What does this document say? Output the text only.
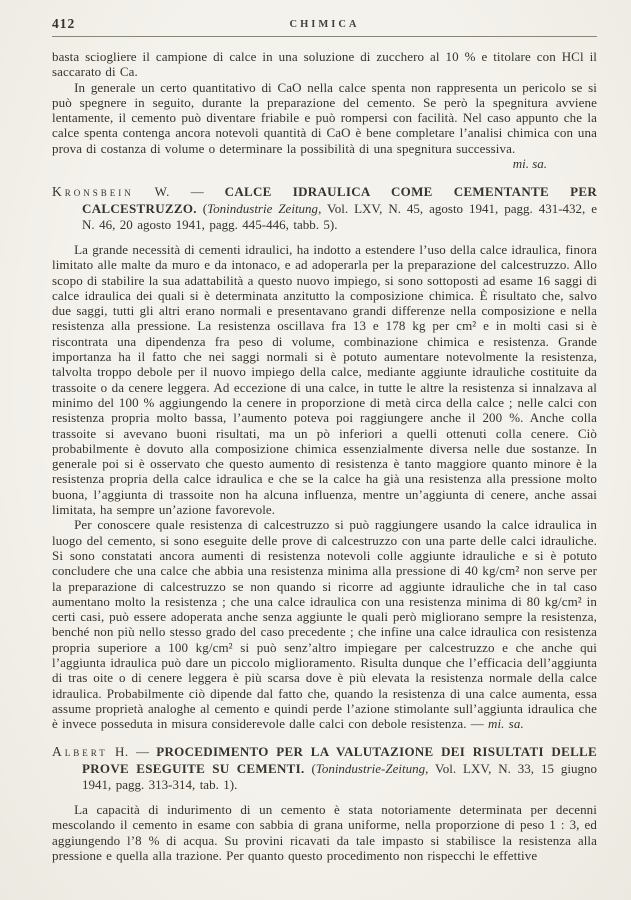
412	CHIMICA

basta sciogliere il campione di calce in una soluzione di zucchero al 10 % e titolare con HCl il saccarato di Ca.

In generale un certo quantitativo di CaO nella calce spenta non rappresenta un pericolo se si può spegnere in seguito, durante la preparazione del cemento. Se però la spegnitura avviene lentamente, il cemento può diventare friabile e può rompersi con facilità. Nel caso appunto che la calce spenta contenga ancora notevoli quantità di CaO è bene completare l’analisi chimica con una prova di costanza di volume o determinare la possibilità di una spegnitura successiva.

mi. sa.

Kronsbein W. — CALCE IDRAULICA COME CEMENTANTE PER CALCESTRUZZO. (Tonindustrie Zeitung, Vol. LXV, N. 45, agosto 1941, pagg. 431-432, e N. 46, 20 agosto 1941, pagg. 445-446, tabb. 5).

La grande necessità di cementi idraulici, ha indotto a estendere l’uso della calce idraulica, finora limitato alle malte da muro e da intonaco, e ad adoperarla per la preparazione del calcestruzzo. Allo scopo di stabilire la sua adattabilità a questo nuovo impiego, si sono sottoposti ad esame 16 saggi di calce idraulica dei quali si è determinata anzitutto la composizione chimica. È risultato che, salvo due saggi, tutti gli altri erano normali e presentavano grandi differenze nella composizione e nella resistenza alla pressione. La resistenza oscillava fra 13 e 178 kg per cm² e in molti casi si è riscontrata una dipendenza fra peso di volume, combinazione chimica e resistenza. Grande importanza ha il fatto che nei saggi normali si è potuto aumentare notevolmente la resistenza, talvolta troppo debole per il nuovo impiego della calce, mediante aggiunte idrauliche costituite da trassoite o da cenere leggera. Ad eccezione di una calce, in tutte le altre la resistenza si innalzava al minimo del 100 % aggiungendo la cenere in proporzione di metà circa della calce ; nelle calci con resistenza propria molto bassa, l’aumento poteva poi raggiungere anche il 200 %. Anche colla trassoite si avevano buoni risultati, ma un pò inferiori a quelli ottenuti colla cenere. Ciò probabilmente è dovuto alla composizione chimica essenzialmente diversa nelle due sostanze. In generale poi si è osservato che questo aumento di resistenza è tanto maggiore quanto minore è la resistenza propria della calce idraulica e che se la calce ha già una resistenza alla pressione molto buona, l’aggiunta di trassoite non ha alcuna influenza, mentre un’aggiunta di cenere, anche assai limitata, ha sempre un’azione favorevole.

Per conoscere quale resistenza di calcestruzzo si può raggiungere usando la calce idraulica in luogo del cemento, si sono eseguite delle prove di calcestruzzo con una parte delle calci idrauliche. Si sono constatati ancora aumenti di resistenza notevoli colle aggiunte idrauliche e si è potuto concludere che una calce che abbia una resistenza minima alla pressione di 40 kg/cm² non serve per la preparazione di calcestruzzo se non quando si ricorre ad aggiunte idrauliche che in tal caso aumentano molto la resistenza ; che una calce idraulica con una resistenza minima di 80 kg/cm² in certi casi, può essere adoperata anche senza aggiunte le quali però migliorano sempre la resistenza, benché non più nello stesso grado del caso precedente ; che infine una calce idraulica con resistenza propria superiore a 100 kg/cm² si può senz’altro impiegare per calcestruzzo e che anche qui l’aggiunta idraulica può dare un piccolo miglioramento. Risulta dunque che l’efficacia dell’aggiunta di tras oite o di cenere leggera è più scarsa dove è più elevata la resistenza normale della calce idraulica. Probabilmente ciò dipende dal fatto che, quando la resistenza di una calce aumenta, essa assume proprietà analoghe al cemento e quindi perde l’azione stimolante sull’aggiunta idraulica che è invece posseduta in misura considerevole dalle calci con debole resistenza. — mi. sa.

Albert H. — PROCEDIMENTO PER LA VALUTAZIONE DEI RISULTATI DELLE PROVE ESEGUITE SU CEMENTI. (Tonindustrie-Zeitung, Vol. LXV, N. 33, 15 giugno 1941, pagg. 313-314, tab. 1).

La capacità di indurimento di un cemento è stata notoriamente determinata per decenni mescolando il cemento in esame con sabbia di grana uniforme, nella proporzione di peso 1 : 3, ed aggiungendo l’8 % di acqua. Su provini ricavati da tale impasto si stabilisce la resistenza alla pressione e quella alla trazione. Per quanto questo procedimento non rispecchi le effettive
